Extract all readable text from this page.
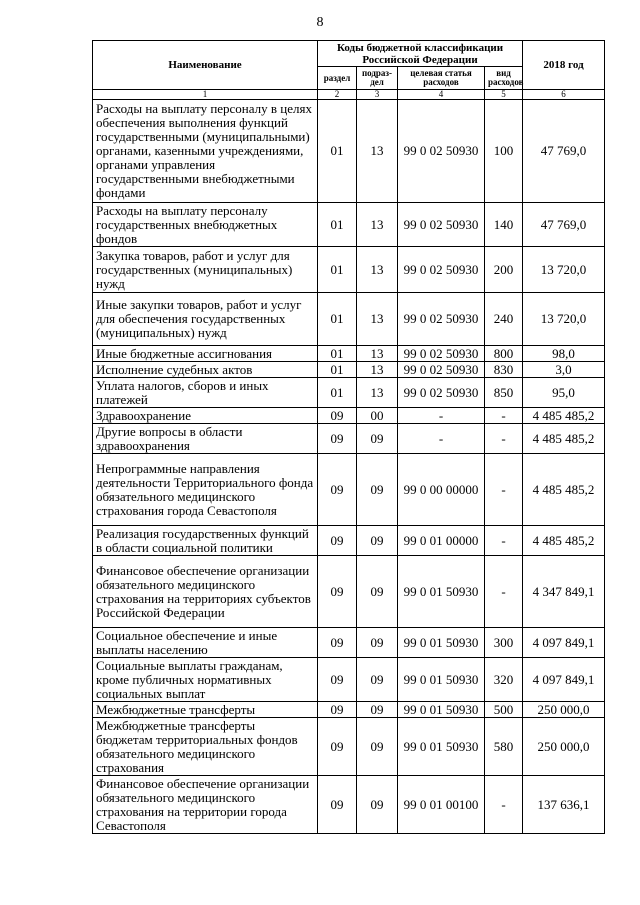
8
Наименование	Коды бюджетной классификации Российской Федерации				2018 год
	раздел	подраз-дел	целевая статья расходов	вид расходов	
1	2	3	4	5	6
Расходы на выплату персоналу в целях обеспечения выполнения функций государственными (муниципальными) органами, казенными учреждениями, органами управления государственными внебюджетными фондами	01	13	99 0 02 50930	100	47 769,0
Расходы на выплату персоналу государственных внебюджетных фондов	01	13	99 0 02 50930	140	47 769,0
Закупка товаров, работ и услуг для государственных (муниципальных) нужд	01	13	99 0 02 50930	200	13 720,0
Иные закупки товаров, работ и услуг для обеспечения государственных (муниципальных) нужд	01	13	99 0 02 50930	240	13 720,0
Иные бюджетные ассигнования	01	13	99 0 02 50930	800	98,0
Исполнение судебных актов	01	13	99 0 02 50930	830	3,0
Уплата налогов, сборов и иных платежей	01	13	99 0 02 50930	850	95,0
Здравоохранение	09	00	-	-	4 485 485,2
Другие вопросы в области здравоохранения	09	09	-	-	4 485 485,2
Непрограммные направления деятельности Территориального фонда обязательного медицинского страхования города Севастополя	09	09	99 0 00 00000	-	4 485 485,2
Реализация государственных функций в области социальной политики	09	09	99 0 01 00000	-	4 485 485,2
Финансовое обеспечение организации обязательного медицинского страхования на территориях субъектов Российской Федерации	09	09	99 0 01 50930	-	4 347 849,1
Социальное обеспечение и иные выплаты населению	09	09	99 0 01 50930	300	4 097 849,1
Социальные выплаты гражданам, кроме публичных нормативных социальных выплат	09	09	99 0 01 50930	320	4 097 849,1
Межбюджетные трансферты	09	09	99 0 01 50930	500	250 000,0
Межбюджетные трансферты бюджетам территориальных фондов обязательного медицинского страхования	09	09	99 0 01 50930	580	250 000,0
Финансовое обеспечение организации обязательного медицинского страхования на территории города Севастополя	09	09	99 0 01 00100	-	137 636,1
